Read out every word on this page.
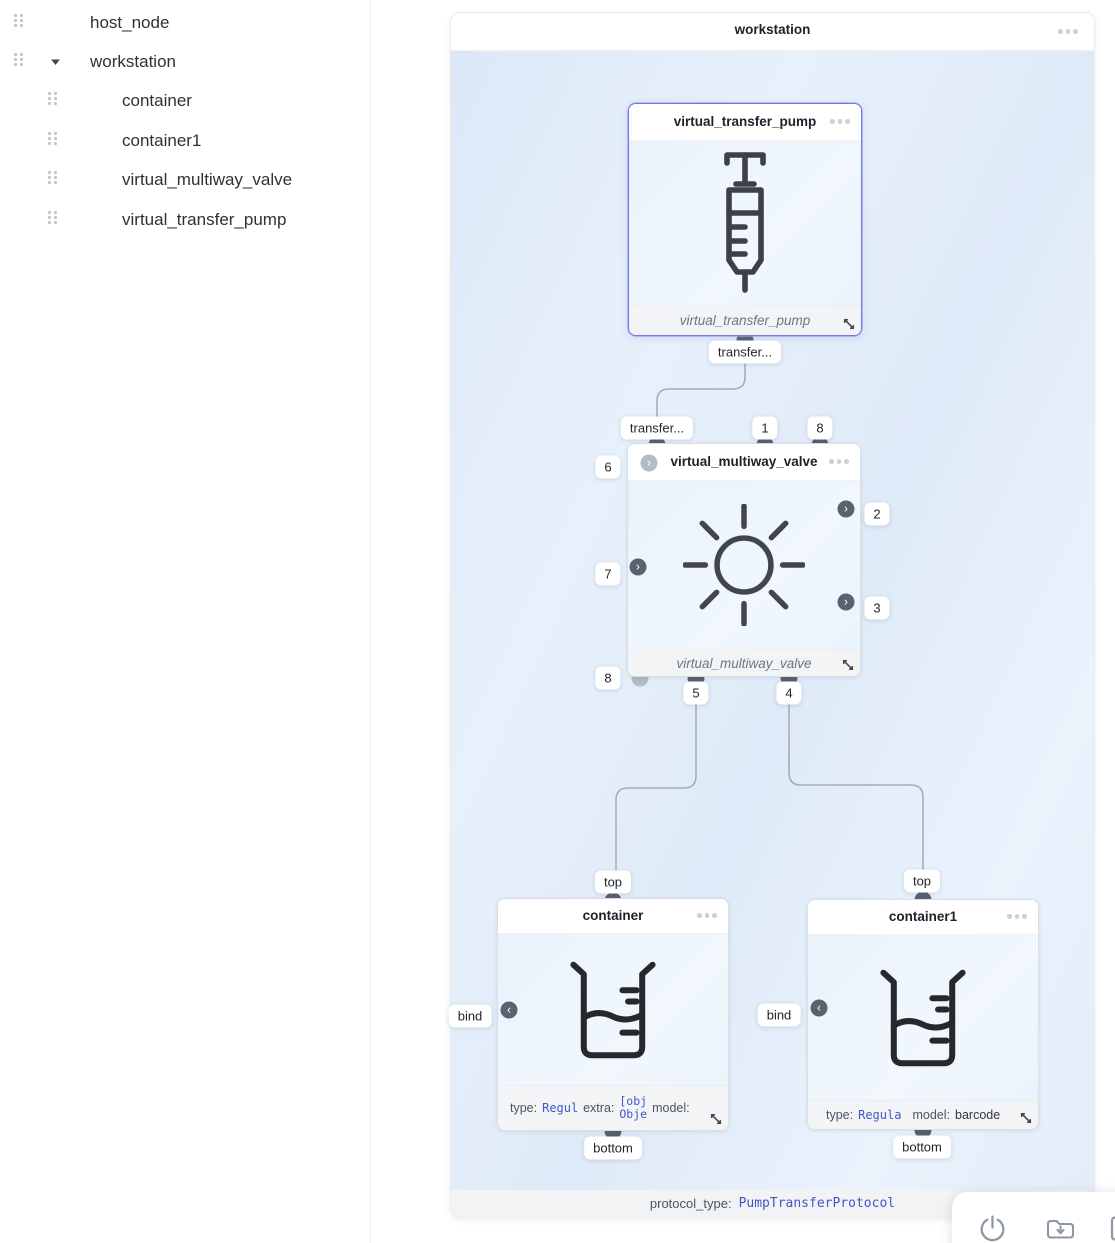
host_node
workstation
container
container1
virtual_multiway_valve
virtual_transfer_pump
workstation
protocol_type: PumpTransferProtocol
virtual_transfer_pump
virtual_transfer_pump
virtual_multiway_valve
virtual_multiway_valve
›
›
›
›
container
type: Regul extra:
[obj
Obje model:
‹
container1
type: Regula model: barcode
‹
transfer...
transfer...	1	8
6
7
8
2
3
5	4
top
bind
bottom
top
bind
bottom
